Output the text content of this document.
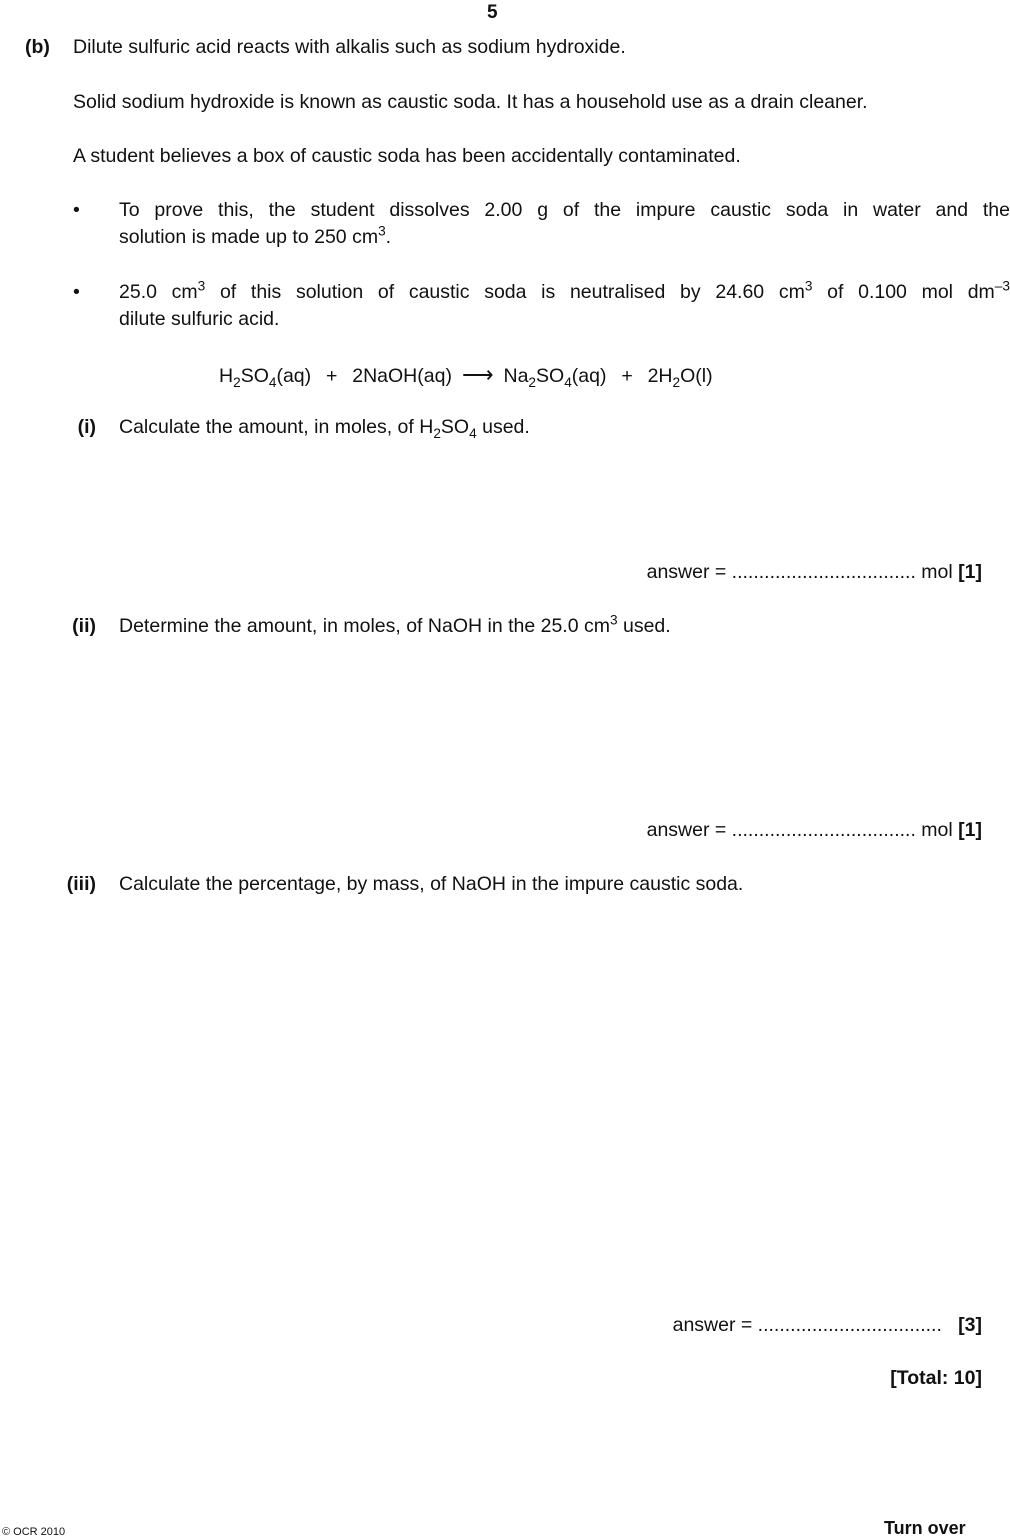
5
(b) Dilute sulfuric acid reacts with alkalis such as sodium hydroxide.
Solid sodium hydroxide is known as caustic soda. It has a household use as a drain cleaner.
A student believes a box of caustic soda has been accidentally contaminated.
• To prove this, the student dissolves 2.00 g of the impure caustic soda in water and the
solution is made up to 250 $cm^3$.
• 25.0 $cm^3$ of this solution of caustic soda is neutralised by 24.60 $cm^3$ of 0.100 mol $dm^{-3}$
dilute sulfuric acid.
$H_2SO_4(aq)$ + 2NaOH(aq) ⟶ $Na_2SO_4(aq) + 2H_2O(l)$
(i) Calculate the amount, in moles, of $H_2SO_4$ used.
answer = .................................. mol [1]
(ii) Determine the amount, in moles, of NaOH in the 25.0 $cm^3$ used.
answer = .................................. mol [1]
(iii) Calculate the percentage, by mass, of NaOH in the impure caustic soda.
answer = .................................. [3]
[Total: 10]
© OCR 2010	Turn over
